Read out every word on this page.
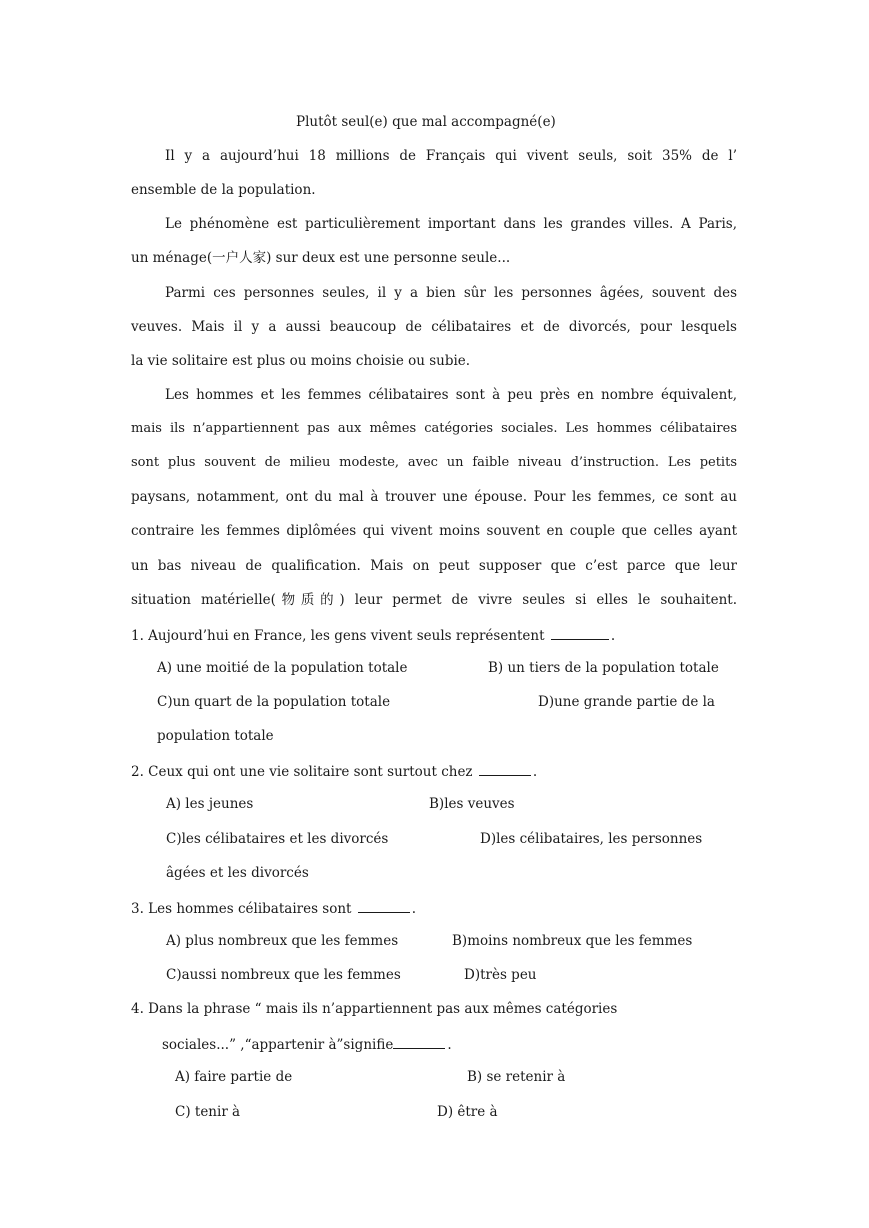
Plutôt seul(e) que mal accompagné(e)
Il y a aujourd’hui 18 millions de Français qui vivent seuls, soit 35% de l’
ensemble de la population.
Le phénomène est particulièrement important dans les grandes villes. A Paris,
un ménage(一户人家) sur deux est une personne seule...
Parmi ces personnes seules, il y a bien sûr les personnes âgées, souvent des
veuves. Mais il y a aussi beaucoup de célibataires et de divorcés, pour lesquels
la vie solitaire est plus ou moins choisie ou subie.
Les hommes et les femmes célibataires sont à peu près en nombre équivalent,
mais ils n’appartiennent pas aux mêmes catégories sociales. Les hommes célibataires
sont plus souvent de milieu modeste, avec un faible niveau d’instruction. Les petits
paysans, notamment, ont du mal à trouver une épouse. Pour les femmes, ce sont au
contraire les femmes diplômées qui vivent moins souvent en couple que celles ayant
un bas niveau de qualification. Mais on peut supposer que c’est parce que leur
situation matérielle(物质的) leur permet de vivre seules si elles le souhaitent.
1. Aujourd’hui en France, les gens vivent seuls représentent	.
A) une moitié de la population totale	B) un tiers de la population totale
C)un quart de la population totale	D)une grande partie de la
population totale
2. Ceux qui ont une vie solitaire sont surtout chez	.
A) les jeunes	B)les veuves
C)les célibataires et les divorcés	D)les célibataires, les personnes
âgées et les divorcés
3. Les hommes célibataires sont	.
A) plus nombreux que les femmes	B)moins nombreux que les femmes
C)aussi nombreux que les femmes	D)très peu
4. Dans la phrase “ mais ils n’appartiennent pas aux mêmes catégories
sociales...” ,“appartenir à”signifie	.
A) faire partie de	B) se retenir à
C) tenir à	D) être à
